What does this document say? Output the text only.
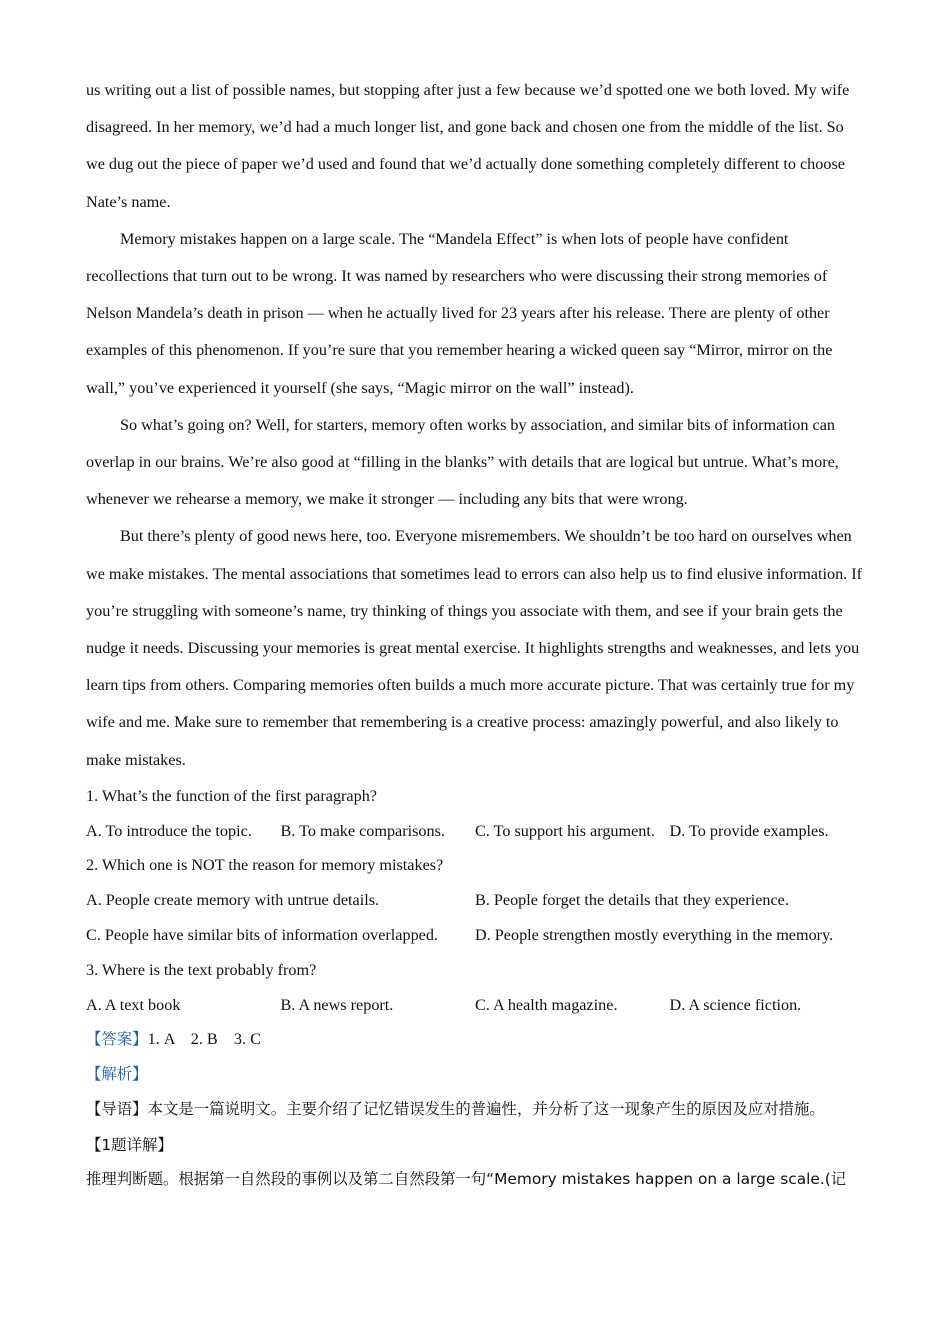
us writing out a list of possible names, but stopping after just a few because we’d spotted one we both loved. My wife disagreed. In her memory, we’d had a much longer list, and gone back and chosen one from the middle of the list. So we dug out the piece of paper we’d used and found that we’d actually done something completely different to choose Nate’s name.

Memory mistakes happen on a large scale. The “Mandela Effect” is when lots of people have confident recollections that turn out to be wrong. It was named by researchers who were discussing their strong memories of Nelson Mandela’s death in prison — when he actually lived for 23 years after his release. There are plenty of other examples of this phenomenon. If you’re sure that you remember hearing a wicked queen say “Mirror, mirror on the wall,” you’ve experienced it yourself (she says, “Magic mirror on the wall” instead).

So what’s going on? Well, for starters, memory often works by association, and similar bits of information can overlap in our brains. We’re also good at “filling in the blanks” with details that are logical but untrue. What’s more, whenever we rehearse a memory, we make it stronger — including any bits that were wrong.

But there’s plenty of good news here, too. Everyone misremembers. We shouldn’t be too hard on ourselves when we make mistakes. The mental associations that sometimes lead to errors can also help us to find elusive information. If you’re struggling with someone’s name, try thinking of things you associate with them, and see if your brain gets the nudge it needs. Discussing your memories is great mental exercise. It highlights strengths and weaknesses, and lets you learn tips from others. Comparing memories often builds a much more accurate picture. That was certainly true for my wife and me. Make sure to remember that remembering is a creative process: amazingly powerful, and also likely to make mistakes.

1. What’s the function of the first paragraph?

A. To introduce the topic.	B. To make comparisons.	C. To support his argument. D. To provide examples.

2. Which one is NOT the reason for memory mistakes?

A. People create memory with untrue details.	B. People forget the details that they experience.
C. People have similar bits of information overlapped.	D. People strengthen mostly everything in the memory.

3. Where is the text probably from?

A. A text book	B. A news report.	C. A health magazine.	D. A science fiction.

【答案】1. A    2. B    3. C

【解析】

【导语】本文是一篇说明文。主要介绍了记忆错误发生的普遍性，并分析了这一现象产生的原因及应对措施。

【1题详解】

推理判断题。根据第一自然段的事例以及第二自然段第一句“Memory mistakes happen on a large scale.(记
